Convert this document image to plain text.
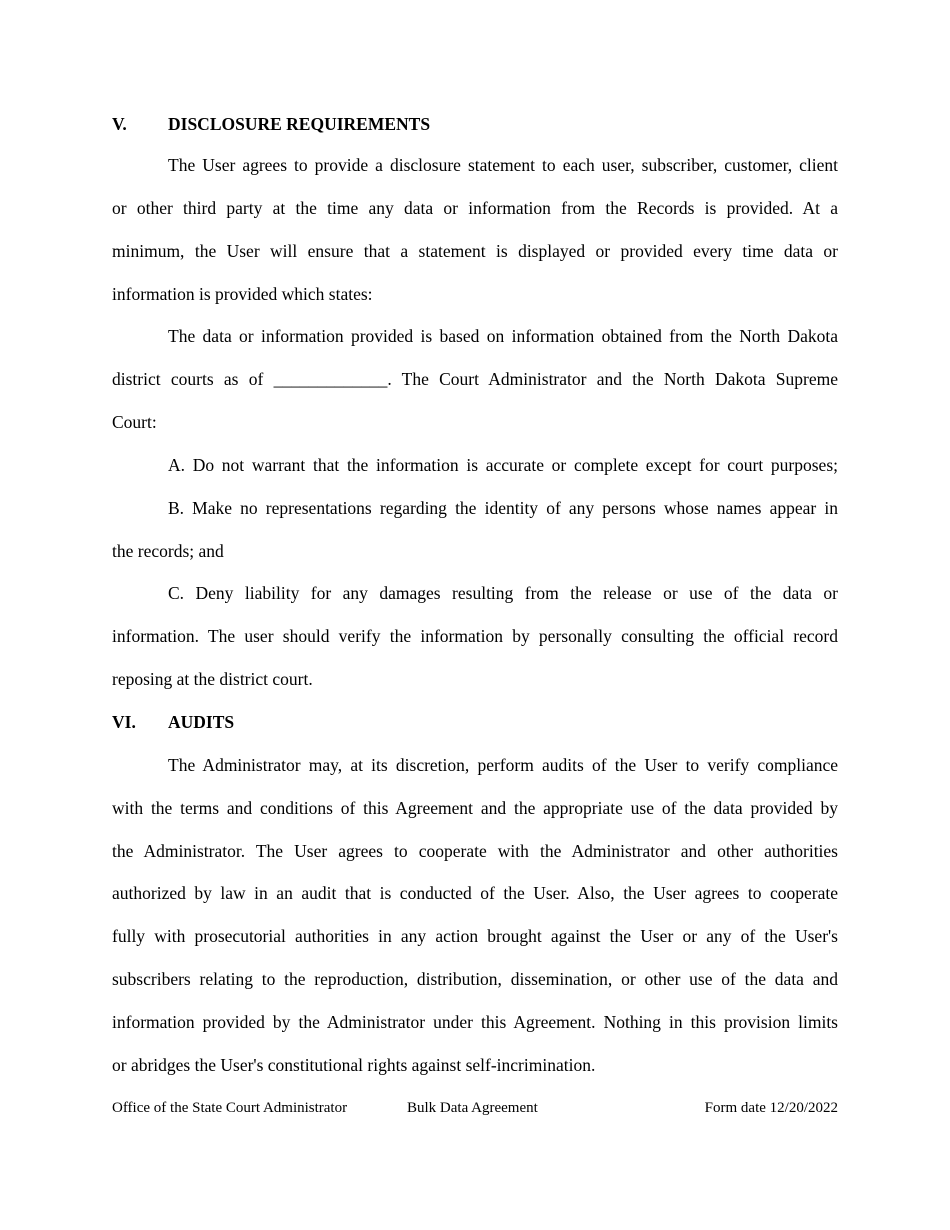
V. DISCLOSURE REQUIREMENTS
The User agrees to provide a disclosure statement to each user, subscriber, customer, client
or other third party at the time any data or information from the Records is provided. At a
minimum, the User will ensure that a statement is displayed or provided every time data or
information is provided which states:
The data or information provided is based on information obtained from the North Dakota
district courts as of _____________. The Court Administrator and the North Dakota Supreme
Court:
A. Do not warrant that the information is accurate or complete except for court purposes;
B. Make no representations regarding the identity of any persons whose names appear in
the records; and
C. Deny liability for any damages resulting from the release or use of the data or
information. The user should verify the information by personally consulting the official record
reposing at the district court.
VI. AUDITS
The Administrator may, at its discretion, perform audits of the User to verify compliance
with the terms and conditions of this Agreement and the appropriate use of the data provided by
the Administrator. The User agrees to cooperate with the Administrator and other authorities
authorized by law in an audit that is conducted of the User. Also, the User agrees to cooperate
fully with prosecutorial authorities in any action brought against the User or any of the User's
subscribers relating to the reproduction, distribution, dissemination, or other use of the data and
information provided by the Administrator under this Agreement. Nothing in this provision limits
or abridges the User's constitutional rights against self-incrimination.
Office of the State Court Administrator	Bulk Data Agreement	Form date 12/20/2022
